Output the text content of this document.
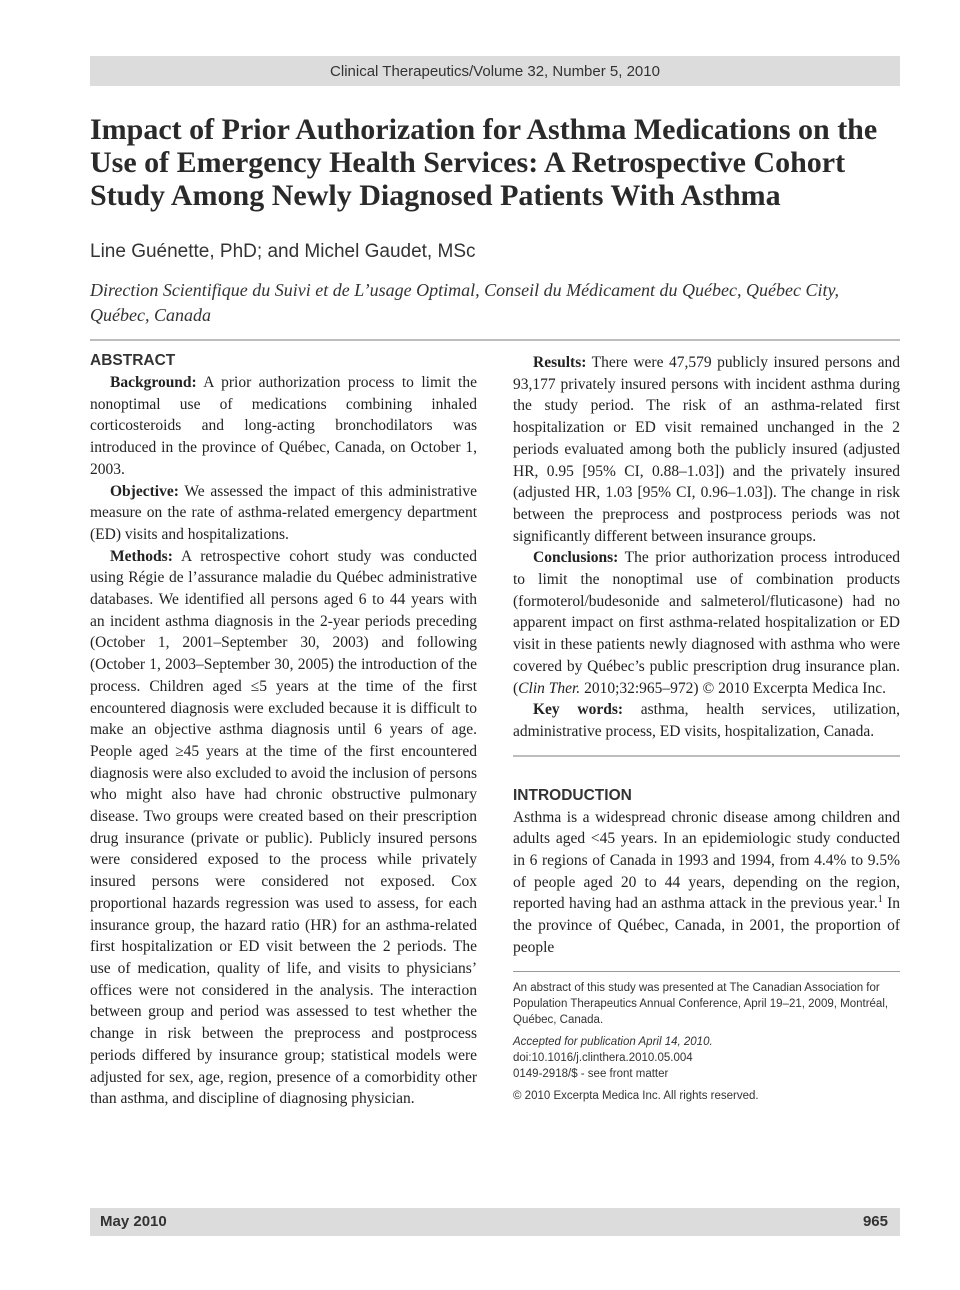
Clinical Therapeutics/Volume 32, Number 5, 2010
Impact of Prior Authorization for Asthma Medications on the Use of Emergency Health Services: A Retrospective Cohort Study Among Newly Diagnosed Patients With Asthma
Line Guénette, PhD; and Michel Gaudet, MSc
Direction Scientifique du Suivi et de L’usage Optimal, Conseil du Médicament du Québec, Québec City, Québec, Canada
ABSTRACT

Background: A prior authorization process to limit the nonoptimal use of medications combining inhaled corticosteroids and long-acting bronchodilators was introduced in the province of Québec, Canada, on October 1, 2003.

Objective: We assessed the impact of this administrative measure on the rate of asthma-related emergency department (ED) visits and hospitalizations.

Methods: A retrospective cohort study was conducted using Régie de l’assurance maladie du Québec administrative databases. We identified all persons aged 6 to 44 years with an incident asthma diagnosis in the 2-year periods preceding (October 1, 2001–September 30, 2003) and following (October 1, 2003–September 30, 2005) the introduction of the process. Children aged ≤5 years at the time of the first encountered diagnosis were excluded because it is difficult to make an objective asthma diagnosis until 6 years of age. People aged ≥45 years at the time of the first encountered diagnosis were also excluded to avoid the inclusion of persons who might also have had chronic obstructive pulmonary disease. Two groups were created based on their prescription drug insurance (private or public). Publicly insured persons were considered exposed to the process while privately insured persons were considered not exposed. Cox proportional hazards regression was used to assess, for each insurance group, the hazard ratio (HR) for an asthma-related first hospitalization or ED visit between the 2 periods. The use of medication, quality of life, and visits to physicians’ offices were not considered in the analysis. The interaction between group and period was assessed to test whether the change in risk between the preprocess and postprocess periods differed by insurance group; statistical models were adjusted for sex, age, region, presence of a comorbidity other than asthma, and discipline of diagnosing physician.

Results: There were 47,579 publicly insured persons and 93,177 privately insured persons with incident asthma during the study period. The risk of an asthma-related first hospitalization or ED visit remained unchanged in the 2 periods evaluated among both the publicly insured (adjusted HR, 0.95 [95% CI, 0.88–1.03]) and the privately insured (adjusted HR, 1.03 [95% CI, 0.96–1.03]). The change in risk between the preprocess and postprocess periods was not significantly different between insurance groups.

Conclusions: The prior authorization process introduced to limit the nonoptimal use of combination products (formoterol/budesonide and salmeterol/fluticasone) had no apparent impact on first asthma-related hospitalization or ED visit in these patients newly diagnosed with asthma who were covered by Québec’s public prescription drug insurance plan. (Clin Ther. 2010;32:965–972) © 2010 Excerpta Medica Inc.

Key words: asthma, health services, utilization, administrative process, ED visits, hospitalization, Canada.

INTRODUCTION

Asthma is a widespread chronic disease among children and adults aged <45 years. In an epidemiologic study conducted in 6 regions of Canada in 1993 and 1994, from 4.4% to 9.5% of people aged 20 to 44 years, depending on the region, reported having had an asthma attack in the previous year.$^1$ In the province of Québec, Canada, in 2001, the proportion of people

An abstract of this study was presented at The Canadian Association for Population Therapeutics Annual Conference, April 19–21, 2009, Montréal, Québec, Canada.

Accepted for publication April 14, 2010.

doi:10.1016/j.clinthera.2010.05.004

0149-2918/$ - see front matter

© 2010 Excerpta Medica Inc. All rights reserved.

May 2010	965
